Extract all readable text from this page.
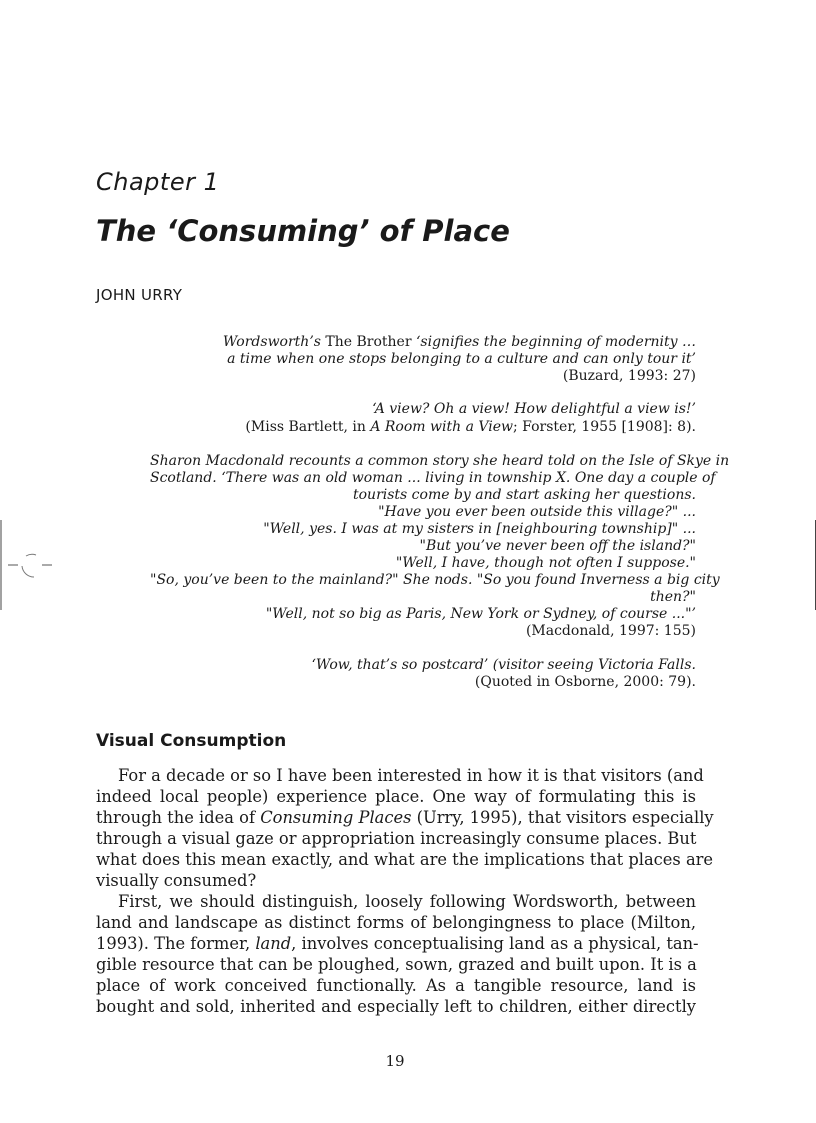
Chapter 1
The ‘Consuming’ of Place
JOHN URRY
Wordsworth’s The Brother ‘signifies the beginning of modernity …
a time when one stops belonging to a culture and can only tour it’
(Buzard, 1993: 27)
‘A view? Oh a view! How delightful a view is!’
(Miss Bartlett, in A Room with a View; Forster, 1955 [1908]: 8).
Sharon Macdonald recounts a common story she heard told on the Isle of Skye in
Scotland. ‘There was an old woman ... living in township X. One day a couple of
tourists come by and start asking her questions.
"Have you ever been outside this village?" ...
"Well, yes. I was at my sisters in [neighbouring township]" ...
"But you’ve never been off the island?"
"Well, I have, though not often I suppose."
"So, you’ve been to the mainland?" She nods. "So you found Inverness a big city
then?"
"Well, not so big as Paris, New York or Sydney, of course ..."’
(Macdonald, 1997: 155)
‘Wow, that’s so postcard’ (visitor seeing Victoria Falls.
(Quoted in Osborne, 2000: 79).
Visual Consumption
For a decade or so I have been interested in how it is that visitors (and
indeed local people) experience place. One way of formulating this is
through the idea of Consuming Places (Urry, 1995), that visitors especially
through a visual gaze or appropriation increasingly consume places. But
what does this mean exactly, and what are the implications that places are
visually consumed?
First, we should distinguish, loosely following Wordsworth, between
land and landscape as distinct forms of belongingness to place (Milton,
1993). The former, land, involves conceptualising land as a physical, tan-
gible resource that can be ploughed, sown, grazed and built upon. It is a
place of work conceived functionally. As a tangible resource, land is
bought and sold, inherited and especially left to children, either directly
19
